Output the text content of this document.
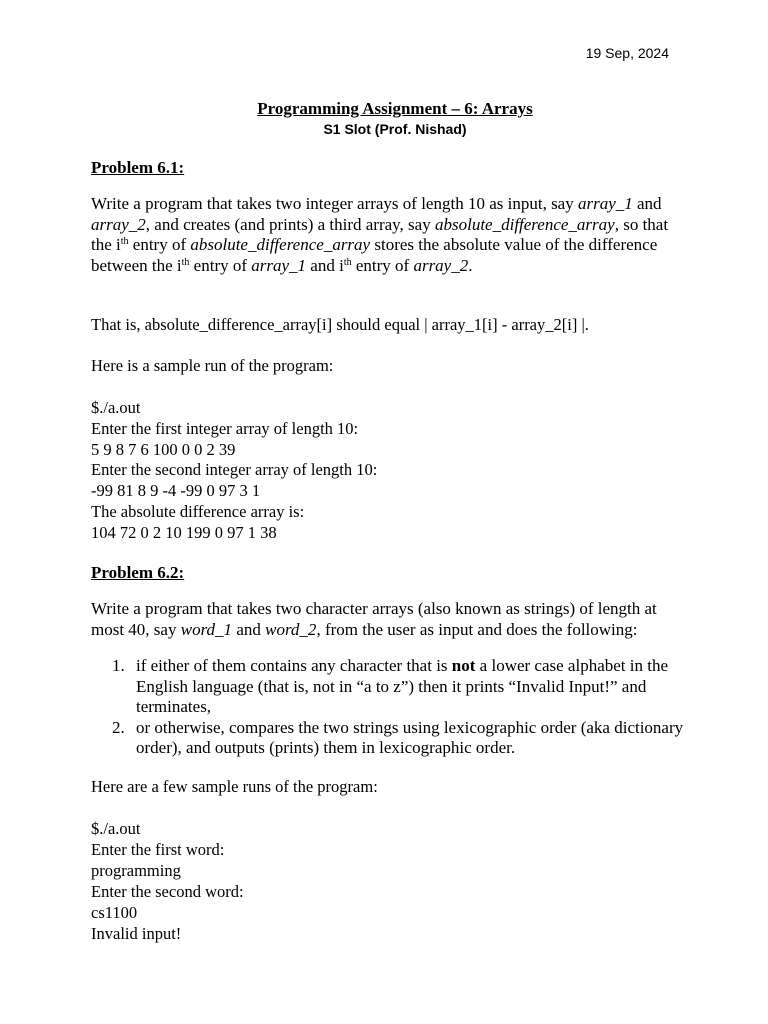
19 Sep, 2024
Programming Assignment – 6: Arrays
S1 Slot (Prof. Nishad)
Problem 6.1:
Write a program that takes two integer arrays of length 10 as input, say array_1 and array_2, and creates (and prints) a third array, say absolute_difference_array, so that the $i^{th}$ entry of absolute_difference_array stores the absolute value of the difference between the $i^{th}$ entry of array_1 and $i^{th}$ entry of array_2.
That is, absolute_difference_array[i] should equal | array_1[i] - array_2[i] |.
Here is a sample run of the program:
$./a.out
Enter the first integer array of length 10:
5 9 8 7 6 100 0 0 2 39
Enter the second integer array of length 10:
-99 81 8 9 -4 -99 0 97 3 1
The absolute difference array is:
104 72 0 2 10 199 0 97 1 38
Problem 6.2:
Write a program that takes two character arrays (also known as strings) of length at most 40, say word_1 and word_2, from the user as input and does the following:
1. if either of them contains any character that is not a lower case alphabet in the English language (that is, not in “a to z”) then it prints “Invalid Input!” and terminates,
2. or otherwise, compares the two strings using lexicographic order (aka dictionary order), and outputs (prints) them in lexicographic order.
Here are a few sample runs of the program:
$./a.out
Enter the first word:
programming
Enter the second word:
cs1100
Invalid input!
